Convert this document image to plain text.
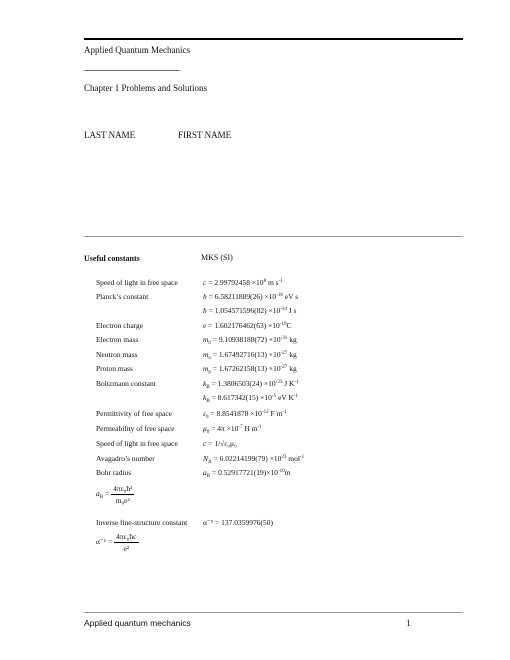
Applied Quantum Mechanics
Chapter 1 Problems and Solutions
LAST NAME	FIRST NAME
Useful constants	MKS (SI)
Speed of light in free space	$c = 2.99792458 \times 10^8$ m $s^{-1}$
Planck’s constant	$h = 6.58211889(26) \times 10^{-16}$ eV s
ħ = $1.054571596(82) \times 10^{-34}$ J s
Electron charge	$e = 1.602176462(63) \times 10^{-19}C$
Electron mass	$m_0 = 9.10938188(72) \times 10^{-31}$ kg
Neutron mass	$m_n = 1.67492716(13) \times 10^{-27}$ kg
Proton mass	$m_p = 1.67262158(13) \times 10^{-27}$ kg
Boltzmann constant	$k_B = 1.3806503(24) \times 10^{-23}$ J $K^{-1}$
$k_B = 8.617342(15) \times 10^{-5}$ eV $K^{-1}$
Permittivity of free space	$\varepsilon_0 = 8.8541878 \times 10^{-12}$ F $m^{-1}$
Permeability of free space	$\mu_0 = 4\pi \times 10^{-7}$ H $m^{-1}$
Speed of light in free space	c = 1/√ε₀μ₀
Avagadro’s number	$N_A = 6.02214199(79) \times 10^{23}$ mol$^{-1}$
Bohr radius	$a_B = 0.52917721(19)\times 10^{-10}m$
$a_B = \frac{\text{4πε₀ħ²}}{\text{m₀e²}}$
Inverse fine-structure constant α⁻¹ = 137.0359976(50)
$\alpha^{-1} = \frac{\text{4πε₀ħc}}{\text{e²}}$
Applied quantum mechanics	1
